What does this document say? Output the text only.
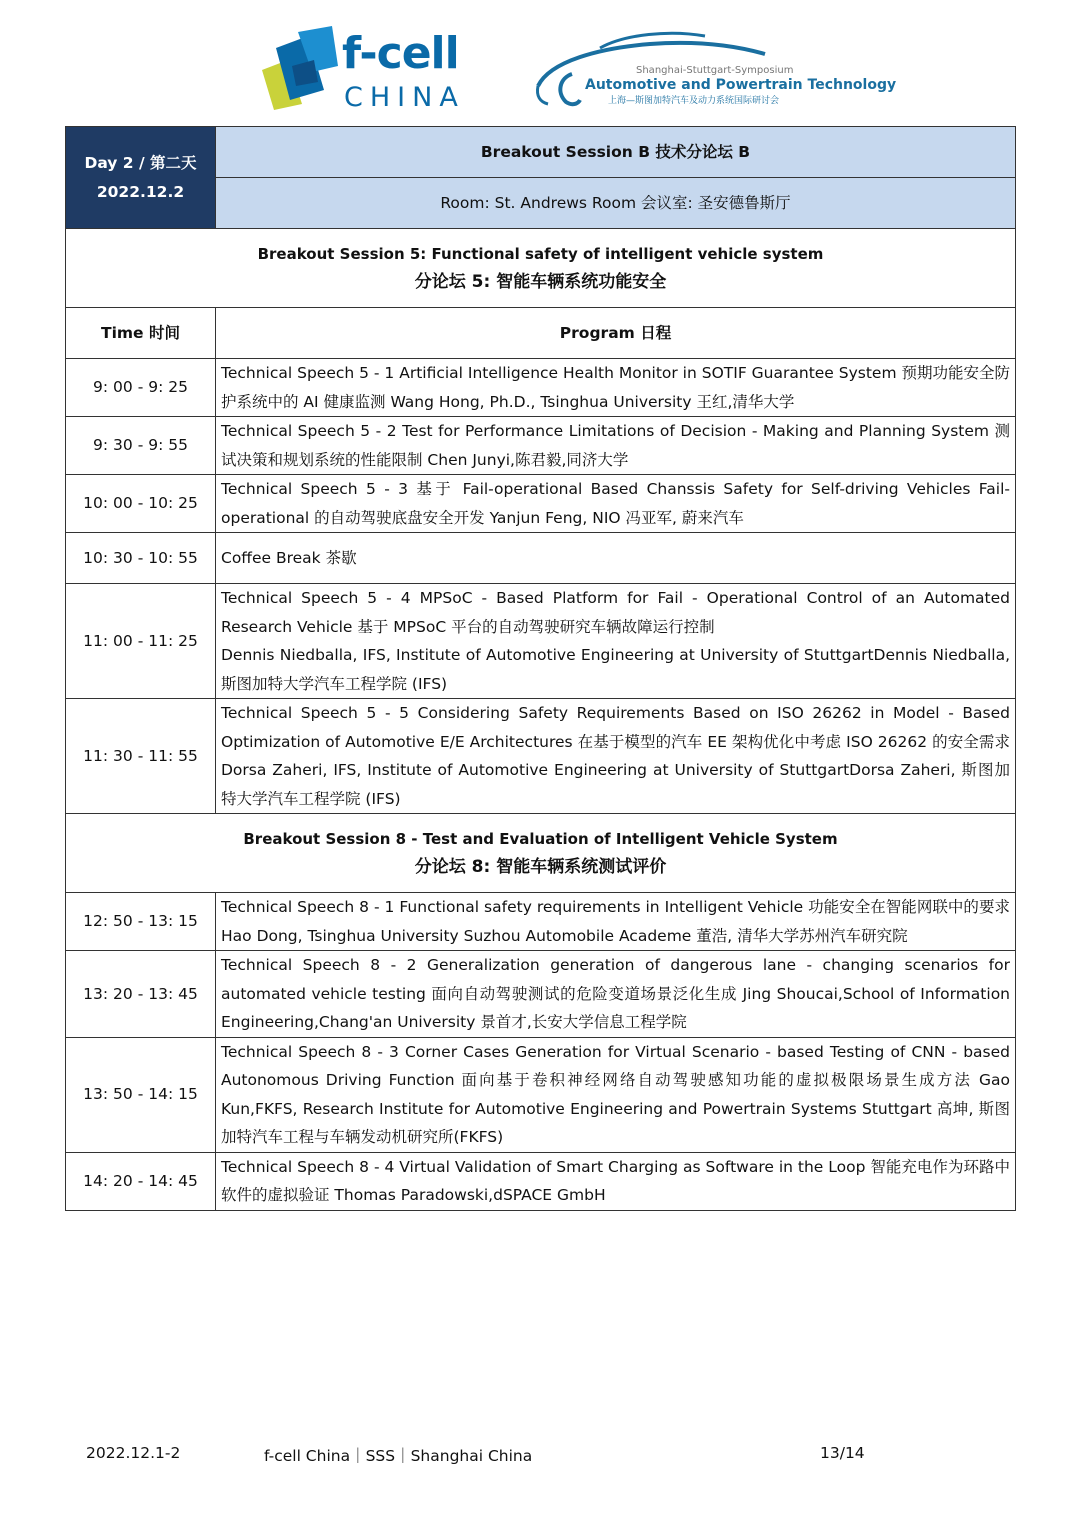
f-cell
CHINA
Shanghai-Stuttgart-Symposium
Automotive and Powertrain Technology
上海—斯图加特汽车及动力系统国际研讨会
Day 2 / 第二天
2022.12.2	Breakout Session B 技术分论坛 B
	Room: St. Andrews Room 会议室: 圣安德鲁斯厅

Breakout Session 5: Functional safety of intelligent vehicle system
分论坛 5: 智能车辆系统功能安全	

Time 时间	Program 日程
9: 00 - 9: 25	Technical Speech 5 - 1 Artificial Intelligence Health Monitor in SOTIF Guarantee System 预期功能安全防护系统中的 AI 健康监测 Wang Hong, Ph.D., Tsinghua University 王红,清华大学
9: 30 - 9: 55	Technical Speech 5 - 2 Test for Performance Limitations of Decision - Making and Planning System 测试决策和规划系统的性能限制 Chen Junyi,陈君毅,同济大学
10: 00 - 10: 25	Technical Speech 5 - 3 基于 Fail-operational Based Chanssis Safety for Self-driving Vehicles Fail-operational 的自动驾驶底盘安全开发 Yanjun Feng, NIO 冯亚军, 蔚来汽车
10: 30 - 10: 55	Coffee Break 茶歇
11: 00 - 11: 25	Technical Speech 5 - 4 MPSoC - Based Platform for Fail - Operational Control of an Automated Research Vehicle 基于 MPSoC 平台的自动驾驶研究车辆故障运行控制
Dennis Niedballa, IFS, Institute of Automotive Engineering at University of StuttgartDennis Niedballa, 斯图加特大学汽车工程学院 (IFS)

11: 30 - 11: 55	Technical Speech 5 - 5 Considering Safety Requirements Based on ISO 26262 in Model - Based Optimization of Automotive E/E Architectures 在基于模型的汽车 EE 架构优化中考虑 ISO 26262 的安全需求 Dorsa Zaheri, IFS, Institute of Automotive Engineering at University of StuttgartDorsa Zaheri, 斯图加特大学汽车工程学院 (IFS)

Breakout Session 8 - Test and Evaluation of Intelligent Vehicle System
分论坛 8: 智能车辆系统测试评价	

12: 50 - 13: 15	Technical Speech 8 - 1 Functional safety requirements in Intelligent Vehicle 功能安全在智能网联中的要求 Hao Dong, Tsinghua University Suzhou Automobile Academe 董浩, 清华大学苏州汽车研究院
13: 20 - 13: 45	Technical Speech 8 - 2 Generalization generation of dangerous lane - changing scenarios for automated vehicle testing 面向自动驾驶测试的危险变道场景泛化生成 Jing Shoucai,School of Information Engineering,Chang'an University 景首才,长安大学信息工程学院
13: 50 - 14: 15	Technical Speech 8 - 3 Corner Cases Generation for Virtual Scenario - based Testing of CNN - based Autonomous Driving Function 面向基于卷积神经网络自动驾驶感知功能的虚拟极限场景生成方法 Gao Kun,FKFS, Research Institute for Automotive Engineering and Powertrain Systems Stuttgart 高坤, 斯图加特汽车工程与车辆发动机研究所(FKFS)
14: 20 - 14: 45	Technical Speech 8 - 4 Virtual Validation of Smart Charging as Software in the Loop 智能充电作为环路中软件的虚拟验证 Thomas Paradowski,dSPACE GmbH
2022.12.1-2	f-cell China｜SSS｜Shanghai China	13/14
